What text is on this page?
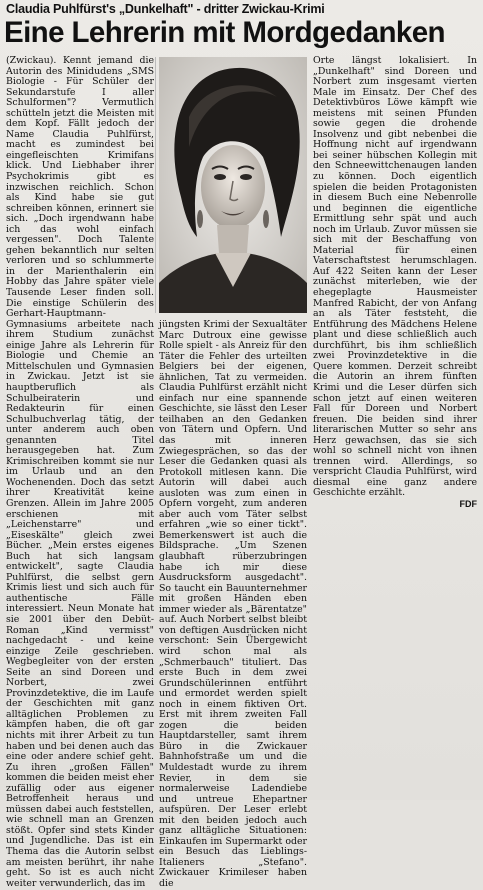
Claudia Puhlfürst's „Dunkelhaft" - dritter Zwickau-Krimi
Eine Lehrerin mit Mordgedanken

(Zwickau). Kennt jemand die Autorin des Minidudens „SMS Biologie - Für Schüler der Sekundarstufe I aller Schulformen"? Vermutlich schütteln jetzt die Meisten mit dem Kopf. Fällt jedoch der Name Claudia Puhlfürst, macht es zumindest bei eingefleischten Krimifans klick. Und Liebhaber ihrer Psychokrimis gibt es inzwischen reichlich. Schon als Kind habe sie gut schreiben können, erinnert sie sich. „Doch irgendwann habe ich das wohl einfach vergessen". Doch Talente gehen bekanntlich nur selten verloren und so schlummerte in der Marienthalerin ein Hobby das Jahre später viele Tausende Leser finden soll. Die einstige Schülerin des Gerhart-Hauptmann-Gymnasiums arbeitete nach ihrem Studium zunächst einige Jahre als Lehrerin für Biologie und Chemie an Mittelschulen und Gymnasien in Zwickau. Jetzt ist sie hauptberuflich als Schulbeiraterin und Redakteurin für einen Schulbuchverlag tätig, der unter anderem auch oben genannten Titel herausgegeben hat. Zum Krimischreiben kommt sie nur im Urlaub und an den Wochenenden. Doch das setzt ihrer Kreativität keine Grenzen. Allein im Jahre 2005 erschienen mit „Leichenstarre" und „Eiseskälte" gleich zwei Bücher. „Mein erstes eigenes Buch hat sich langsam entwickelt", sagte Claudia Puhlfürst, die selbst gern Krimis liest und sich auch für authentische Fälle interessiert. Neun Monate hat sie 2001 über den Debüt-Roman „Kind vermisst" nachgedacht - und keine einzige Zeile geschrieben. Wegbegleiter von der ersten Seite an sind Doreen und Norbert, zwei Provinzdetektive, die im Laufe der Geschichten mit ganz alltäglichen Problemen zu kämpfen haben, die oft gar nichts mit ihrer Arbeit zu tun haben und bei denen auch das eine oder andere schief geht. Zu ihren „großen Fällen" kommen die beiden meist eher zufällig oder aus eigener Betroffenheit heraus und müssen dabei auch feststellen, wie schnell man an Grenzen stößt. Opfer sind stets Kinder und Jugendliche. Das ist ein Thema das die Autorin selbst am meisten berührt, ihr nahe geht. So ist es auch nicht weiter verwunderlich, das im

jüngsten Krimi der Sexualtäter Marc Dutroux eine gewisse Rolle spielt - als Anreiz für den Täter die Fehler des urteilten Belgiers bei der eigenen, ähnlichen, Tat zu vermeiden. Claudia Puhlfürst erzählt nicht einfach nur eine spannende Geschichte, sie lässt den Leser teilhaben an den Gedanken von Tätern und Opfern. Und das mit inneren Zwiegesprächen, so das der Leser die Gedanken quasi als Protokoll mitlesen kann. Die Autorin will dabei auch ausloten was zum einen in Opfern vorgeht, zum anderen aber auch vom Täter selbst erfahren „wie so einer tickt". Bemerkenswert ist auch die Bildsprache. „Um Szenen glaubhaft rüberzubringen habe ich mir diese Ausdrucksform ausgedacht". So taucht ein Bauunternehmer mit großen Händen eben immer wieder als „Bärentatze" auf. Auch Norbert selbst bleibt von deftigen Ausdrücken nicht verschont: Sein Übergewicht wird schon mal als „Schmerbauch" tituliert. Das erste Buch in dem zwei Grundschülerinnen entführt und ermordet werden spielt noch in einem fiktiven Ort. Erst mit ihrem zweiten Fall zogen die beiden Hauptdarsteller, samt ihrem Büro in die Zwickauer Bahnhofstraße um und die Muldestadt wurde zu ihrem Revier, in dem sie normalerweise Ladendiebe und untreue Ehepartner aufspüren. Der Leser erlebt mit den beiden jedoch auch ganz alltägliche Situationen: Einkaufen im Supermarkt oder ein Besuch das Lieblings-Italieners „Stefano". Zwickauer Krimileser haben die

Orte längst lokalisiert. In „Dunkelhaft" sind Doreen und Norbert zum insgesamt vierten Male im Einsatz. Der Chef des Detektivbüros Löwe kämpft wie meistens mit seinen Pfunden sowie gegen die drohende Insolvenz und gibt nebenbei die Hoffnung nicht auf irgendwann bei seiner hübschen Kollegin mit den Schneewittchenaugen landen zu können. Doch eigentlich spielen die beiden Protagonisten in diesem Buch eine Nebenrolle und beginnen die eigentliche Ermittlung sehr spät und auch noch im Urlaub. Zuvor müssen sie sich mit der Beschaffung von Material für einen Vaterschaftstest herumschlagen. Auf 422 Seiten kann der Leser zunächst miterleben, wie der ehegeplagte Hausmeister Manfred Rabicht, der von Anfang an als Täter feststeht, die Entführung des Mädchens Helene plant und diese schließlich auch durchführt, bis ihm schließlich zwei Provinzdetektive in die Quere kommen. Derzeit schreibt die Autorin an ihrem fünften Krimi und die Leser dürfen sich schon jetzt auf einen weiteren Fall für Doreen und Norbert freuen. Die beiden sind ihrer literarischen Mutter so sehr ans Herz gewachsen, das sie sich wohl so schnell nicht von ihnen trennen wird. Allerdings, so verspricht Claudia Puhlfürst, wird diesmal eine ganz andere Geschichte erzählt.

FDF
